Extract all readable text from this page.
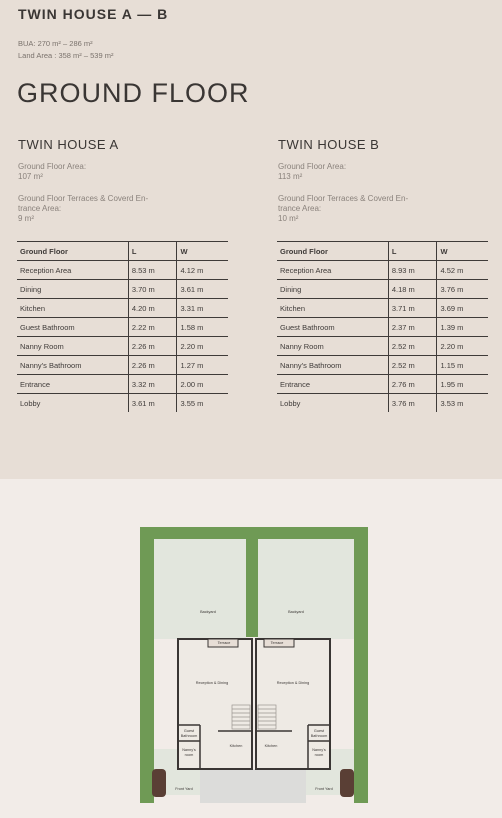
TWIN HOUSE A — B
BUA: 270 m² – 286 m²
Land Area : 358 m² – 539 m²
GROUND FLOOR
TWIN HOUSE A
Ground Floor Area:
107 m²
Ground Floor Terraces & Coverd En-
trance Area:
9 m²
Ground Floor	L	W
Reception Area	8.53 m	4.12 m
Dining	3.70 m	3.61 m
Kitchen	4.20 m	3.31 m
Guest Bathroom	2.22 m	1.58 m
Nanny Room	2.26 m	2.20 m
Nanny's Bathroom	2.26 m	1.27 m
Entrance	3.32 m	2.00 m
Lobby	3.61 m	3.55 m
TWIN HOUSE B
Ground Floor Area:
113 m²
Ground Floor Terraces & Coverd En-
trance Area:
10 m²
Ground Floor	L	W
Reception Area	8.93 m	4.52 m
Dining	4.18 m	3.76 m
Kitchen	3.71 m	3.69 m
Guest Bathroom	2.37 m	1.39 m
Nanny Room	2.52 m	2.20 m
Nanny's Bathroom	2.52 m	1.15 m
Entrance	2.76 m	1.95 m
Lobby	3.76 m	3.53 m
Backyard	Backyard
Terrace	Terrace
Reception & Dining	Reception & Dining
Kitchen	Kitchen
Guest
Bathroom
Guest
Bathroom
Nanny's
room
Nanny's
room
Front Yard	Front Yard
